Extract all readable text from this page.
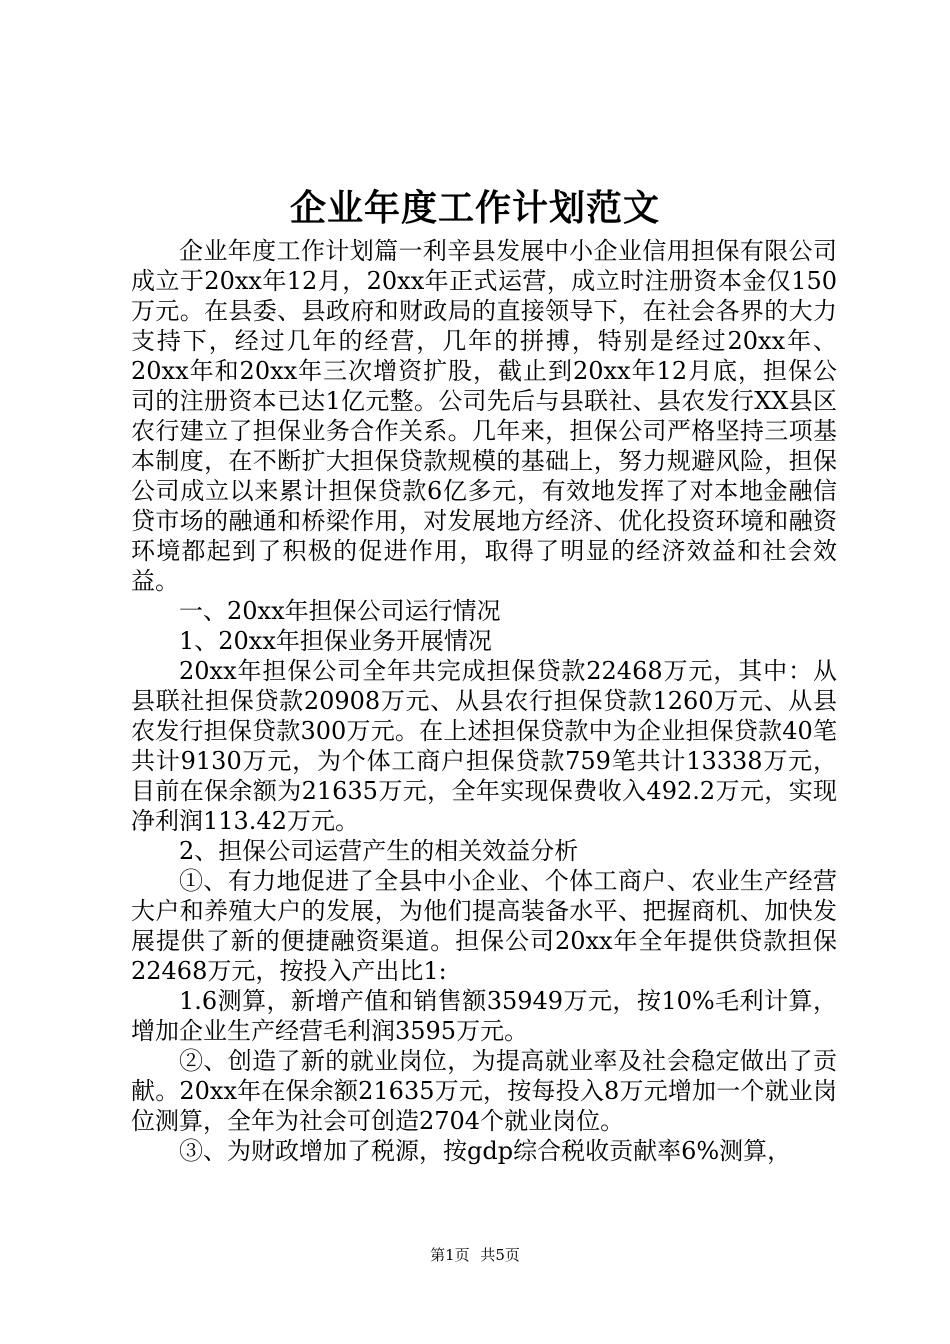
企业年度工作计划范文

企业年度工作计划篇一利辛县发展中小企业信用担保有限公司成立于20xx年12月，20xx年正式运营，成立时注册资本金仅150万元。在县委、县政府和财政局的直接领导下，在社会各界的大力支持下，经过几年的经营，几年的拼搏，特别是经过20xx年、20xx年和20xx年三次增资扩股，截止到20xx年12月底，担保公司的注册资本已达1亿元整。公司先后与县联社、县农发行XX县区农行建立了担保业务合作关系。几年来，担保公司严格坚持三项基本制度，在不断扩大担保贷款规模的基础上，努力规避风险，担保公司成立以来累计担保贷款6亿多元，有效地发挥了对本地金融信贷市场的融通和桥梁作用，对发展地方经济、优化投资环境和融资环境都起到了积极的促进作用，取得了明显的经济效益和社会效益。

一、20xx年担保公司运行情况

1、20xx年担保业务开展情况

20xx年担保公司全年共完成担保贷款22468万元，其中：从县联社担保贷款20908万元、从县农行担保贷款1260万元、从县农发行担保贷款300万元。在上述担保贷款中为企业担保贷款40笔共计9130万元，为个体工商户担保贷款759笔共计13338万元，目前在保余额为21635万元，全年实现保费收入492.2万元，实现净利润113.42万元。

2、担保公司运营产生的相关效益分析

①、有力地促进了全县中小企业、个体工商户、农业生产经营大户和养殖大户的发展，为他们提高装备水平、把握商机、加快发展提供了新的便捷融资渠道。担保公司20xx年全年提供贷款担保22468万元，按投入产出比1:

1.6测算，新增产值和销售额35949万元，按10%毛利计算，增加企业生产经营毛利润3595万元。

②、创造了新的就业岗位，为提高就业率及社会稳定做出了贡献。20xx年在保余额21635万元，按每投入8万元增加一个就业岗位测算，全年为社会可创造2704个就业岗位。

③、为财政增加了税源，按gdp综合税收贡献率6%测算，

第1页 共5页
